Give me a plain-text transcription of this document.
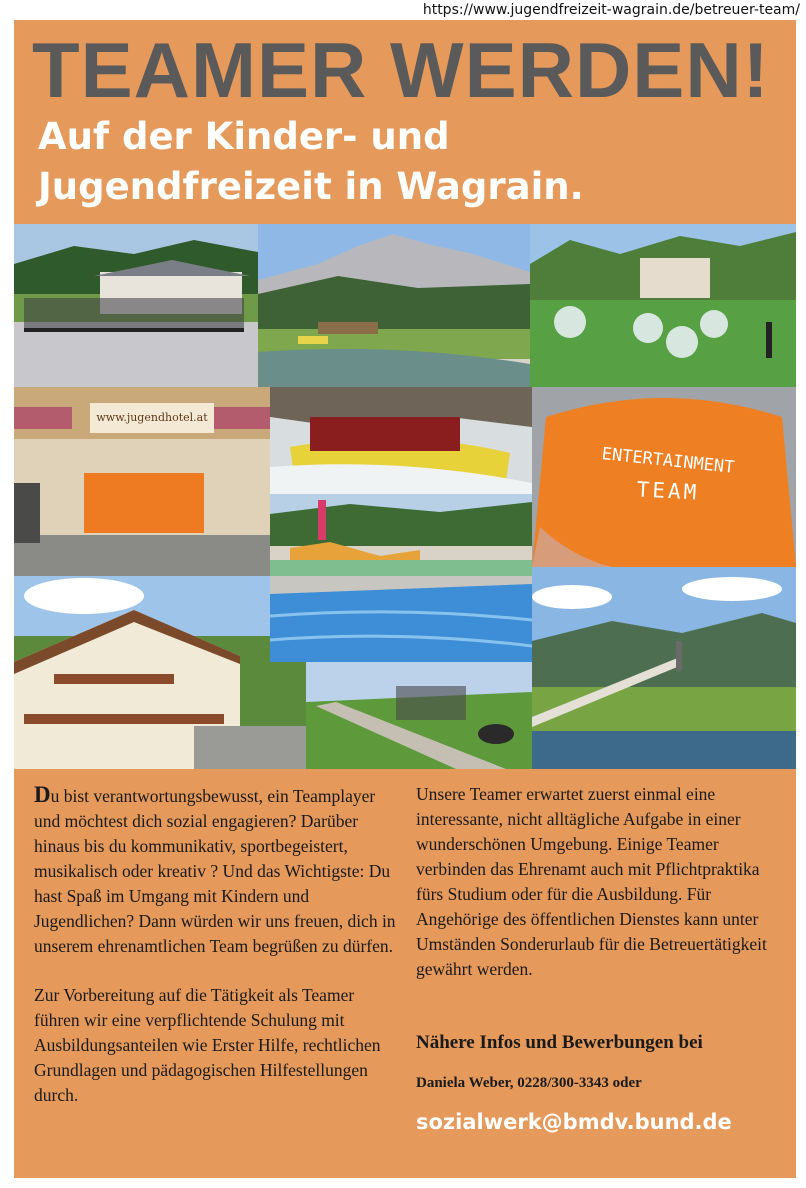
https://www.jugendfreizeit-wagrain.de/betreuer-team/
TEAMER WERDEN!
Auf der Kinder- und
Jugendfreizeit in Wagrain.
www.jugendhotel.at
ENTERTAINMENT
TEAM

Du bist verantwortungsbewusst, ein Teamplayer und möchtest dich sozial engagieren? Darüber hinaus bis du kommunikativ, sportbegeistert, musikalisch oder kreativ ? Und das Wichtigste: Du hast Spaß im Umgang mit Kindern und Jugendlichen? Dann würden wir uns freuen, dich in unserem ehrenamtlichen Team begrüßen zu dürfen.

Zur Vorbereitung auf die Tätigkeit als Teamer führen wir eine verpflichtende Schulung mit Ausbildungsanteilen wie Erster Hilfe, rechtlichen Grundlagen und pädagogischen Hilfestellungen durch.

Unsere Teamer erwartet zuerst einmal eine interessante, nicht alltägliche Aufgabe in einer wunderschönen Umgebung. Einige Teamer verbinden das Ehrenamt auch mit Pflichtpraktika fürs Studium oder für die Ausbildung. Für Angehörige des öffentlichen Dienstes kann unter Umständen Sonderurlaub für die Betreuertätigkeit gewährt werden.

Nähere Infos und Bewerbungen bei

Daniela Weber, 0228/300-3343 oder

sozialwerk@bmdv.bund.de
